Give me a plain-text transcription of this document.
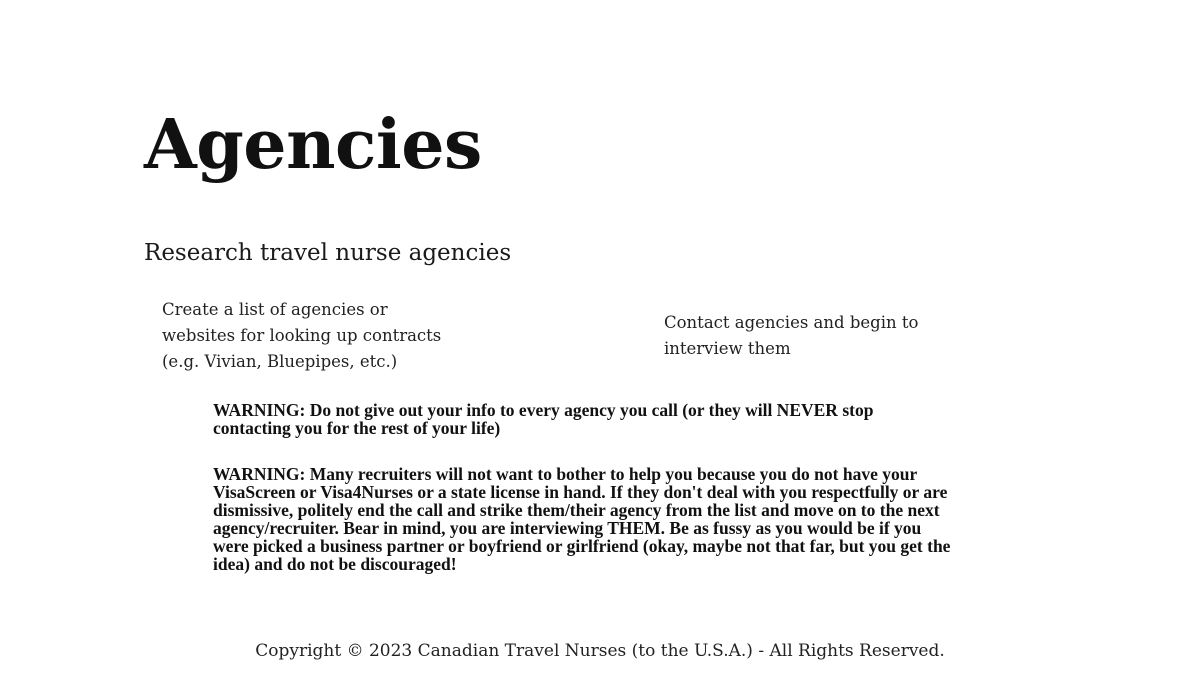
Agencies
Research travel nurse agencies

Create a list of agencies or websites for looking up contracts (e.g. Vivian, Bluepipes, etc.)

Contact agencies and begin to interview them

WARNING: Do not give out your info to every agency you call (or they will NEVER stop contacting you for the rest of your life)

WARNING: Many recruiters will not want to bother to help you because you do not have your VisaScreen or Visa4Nurses or a state license in hand. If they don't deal with you respectfully or are dismissive, politely end the call and strike them/their agency from the list and move on to the next agency/recruiter. Bear in mind, you are interviewing THEM. Be as fussy as you would be if you were picked a business partner or boyfriend or girlfriend (okay, maybe not that far, but you get the idea) and do not be discouraged!

Copyright © 2023 Canadian Travel Nurses (to the U.S.A.) - All Rights Reserved.
